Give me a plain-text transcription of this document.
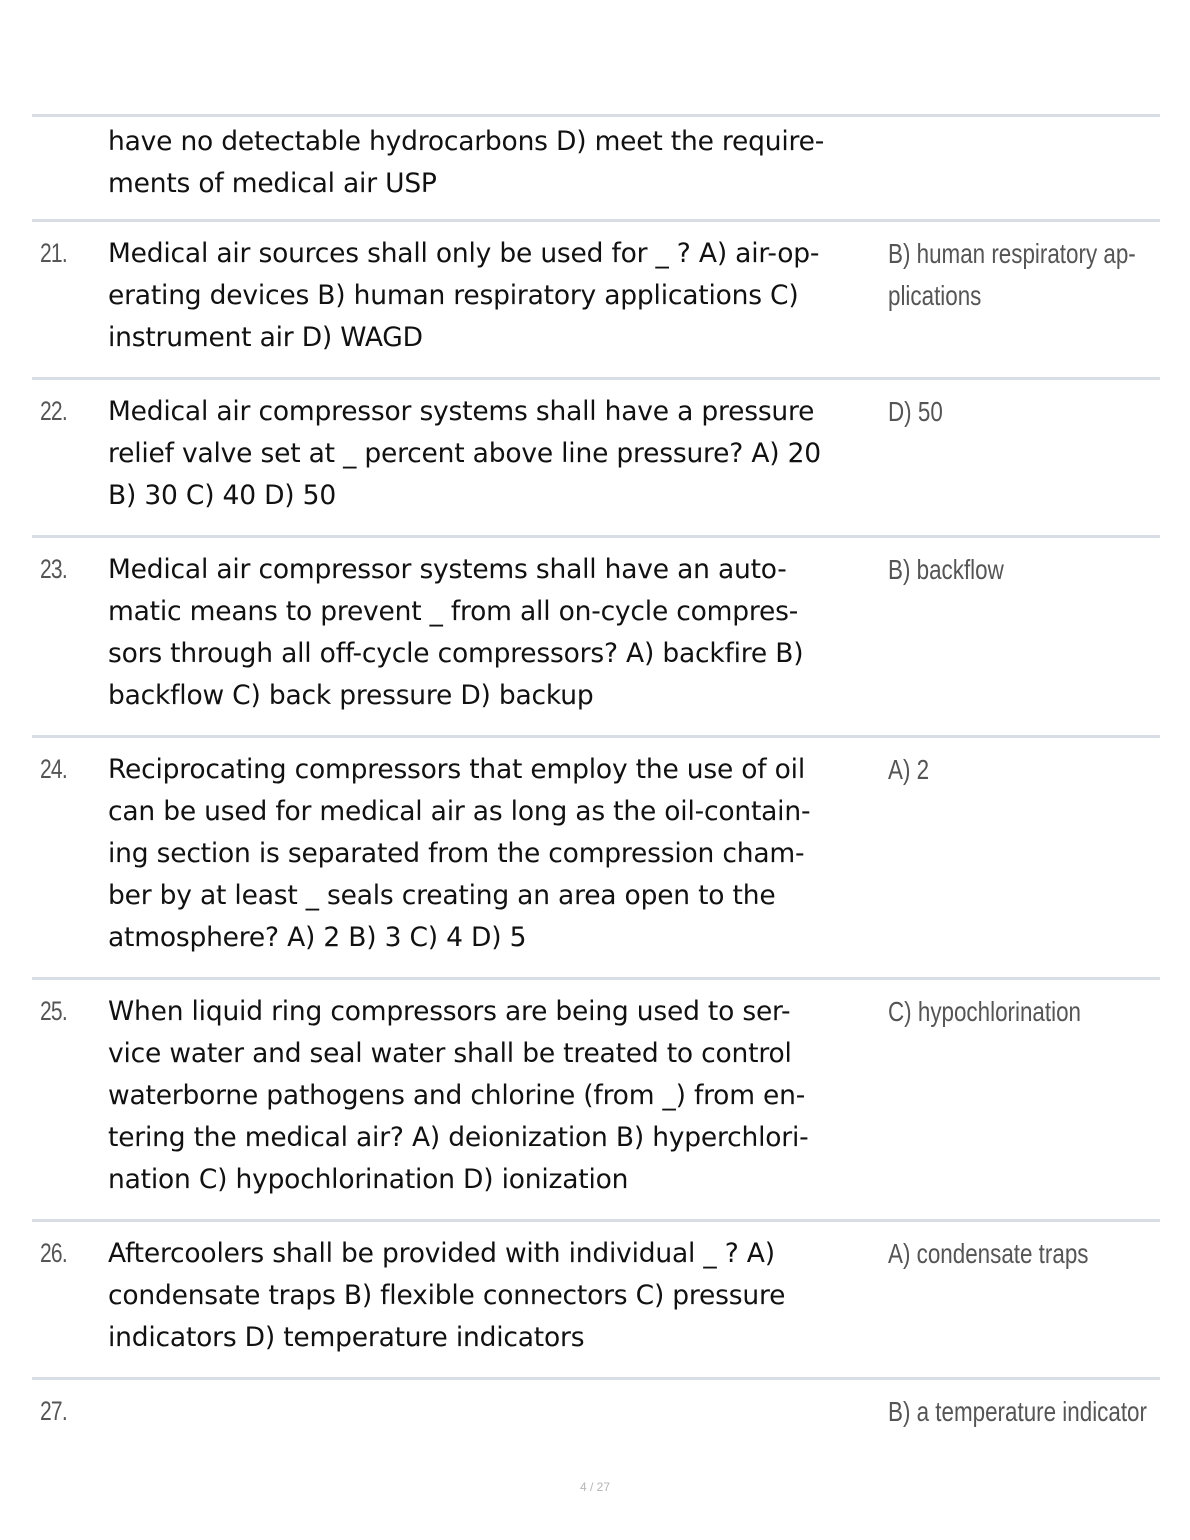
have no detectable hydrocarbons D) meet the require-
ments of medical air USP
21. Medical air sources shall only be used for _ ? A) air-op-
erating devices B) human respiratory applications C)
instrument air D) WAGD
B) human respiratory ap-
plications
22. Medical air compressor systems shall have a pressure
relief valve set at _ percent above line pressure? A) 20
B) 30 C) 40 D) 50
D) 50
23. Medical air compressor systems shall have an auto-
matic means to prevent _ from all on-cycle compres-
sors through all off-cycle compressors? A) backfire B)
backflow C) back pressure D) backup
B) backflow
24. Reciprocating compressors that employ the use of oil
can be used for medical air as long as the oil-contain-
ing section is separated from the compression cham-
ber by at least _ seals creating an area open to the
atmosphere? A) 2 B) 3 C) 4 D) 5
A) 2
25. When liquid ring compressors are being used to ser-
vice water and seal water shall be treated to control
waterborne pathogens and chlorine (from _) from en-
tering the medical air? A) deionization B) hyperchlori-
nation C) hypochlorination D) ionization
C) hypochlorination
26. Aftercoolers shall be provided with individual _ ? A)
condensate traps B) flexible connectors C) pressure
indicators D) temperature indicators
A) condensate traps
27.	B) a temperature indicator
4 / 27
